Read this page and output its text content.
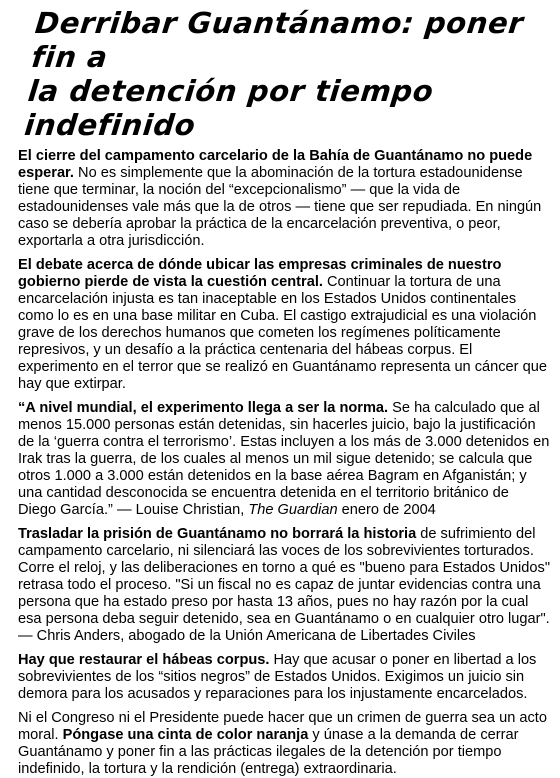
Derribar Guantánamo: poner fin a
la detención por tiempo indefinido

El cierre del campamento carcelario de la Bahía de Guantánamo no puede esperar. No es simplemente que la abominación de la tortura estadounidense tiene que terminar, la noción del “excepcionalismo” — que la vida de estadounidenses vale más que la de otros — tiene que ser repudiada. En ningún caso se debería aprobar la práctica de la encarcelación preventiva, o peor, exportarla a otra jurisdicción.

El debate acerca de dónde ubicar las empresas criminales de nuestro gobierno pierde de vista la cuestión central. Continuar la tortura de una encarcelación injusta es tan inaceptable en los Estados Unidos continentales como lo es en una base militar en Cuba. El castigo extrajudicial es una violación grave de los derechos humanos que cometen los regímenes políticamente represivos, y un desafío a la práctica centenaria del hábeas corpus. El experimento en el terror que se realizó en Guantánamo representa un cáncer que hay que extirpar.

“A nivel mundial, el experimento llega a ser la norma. Se ha calculado que al menos 15.000 personas están detenidas, sin hacerles juicio, bajo la justificación de la ‘guerra contra el terrorismo’. Estas incluyen a los más de 3.000 detenidos en Irak tras la guerra, de los cuales al menos un mil sigue detenido; se calcula que otros 1.000 a 3.000 están detenidos en la base aérea Bagram en Afganistán; y una cantidad desconocida se encuentra detenida en el territorio británico de Diego García.” — Louise Christian, The Guardian enero de 2004

Trasladar la prisión de Guantánamo no borrará la historia de sufrimiento del campamento carcelario, ni silenciará las voces de los sobrevivientes torturados. Corre el reloj, y las deliberaciones en torno a qué es "bueno para Estados Unidos" retrasa todo el proceso. "Si un fiscal no es capaz de juntar evidencias contra una persona que ha estado preso por hasta 13 años, pues no hay razón por la cual esa persona deba seguir detenido, sea en Guantánamo o en cualquier otro lugar". — Chris Anders, abogado de la Unión Americana de Libertades Civiles

Hay que restaurar el hábeas corpus. Hay que acusar o poner en libertad a los sobrevivientes de los “sitios negros” de Estados Unidos. Exigimos un juicio sin demora para los acusados y reparaciones para los injustamente encarcelados.

Ni el Congreso ni el Presidente puede hacer que un crimen de guerra sea un acto moral. Póngase una cinta de color naranja y únase a la demanda de cerrar Guantánamo y poner fin a las prácticas ilegales de la detención por tiempo indefinido, la tortura y la rendición (entrega) extraordinaria.
